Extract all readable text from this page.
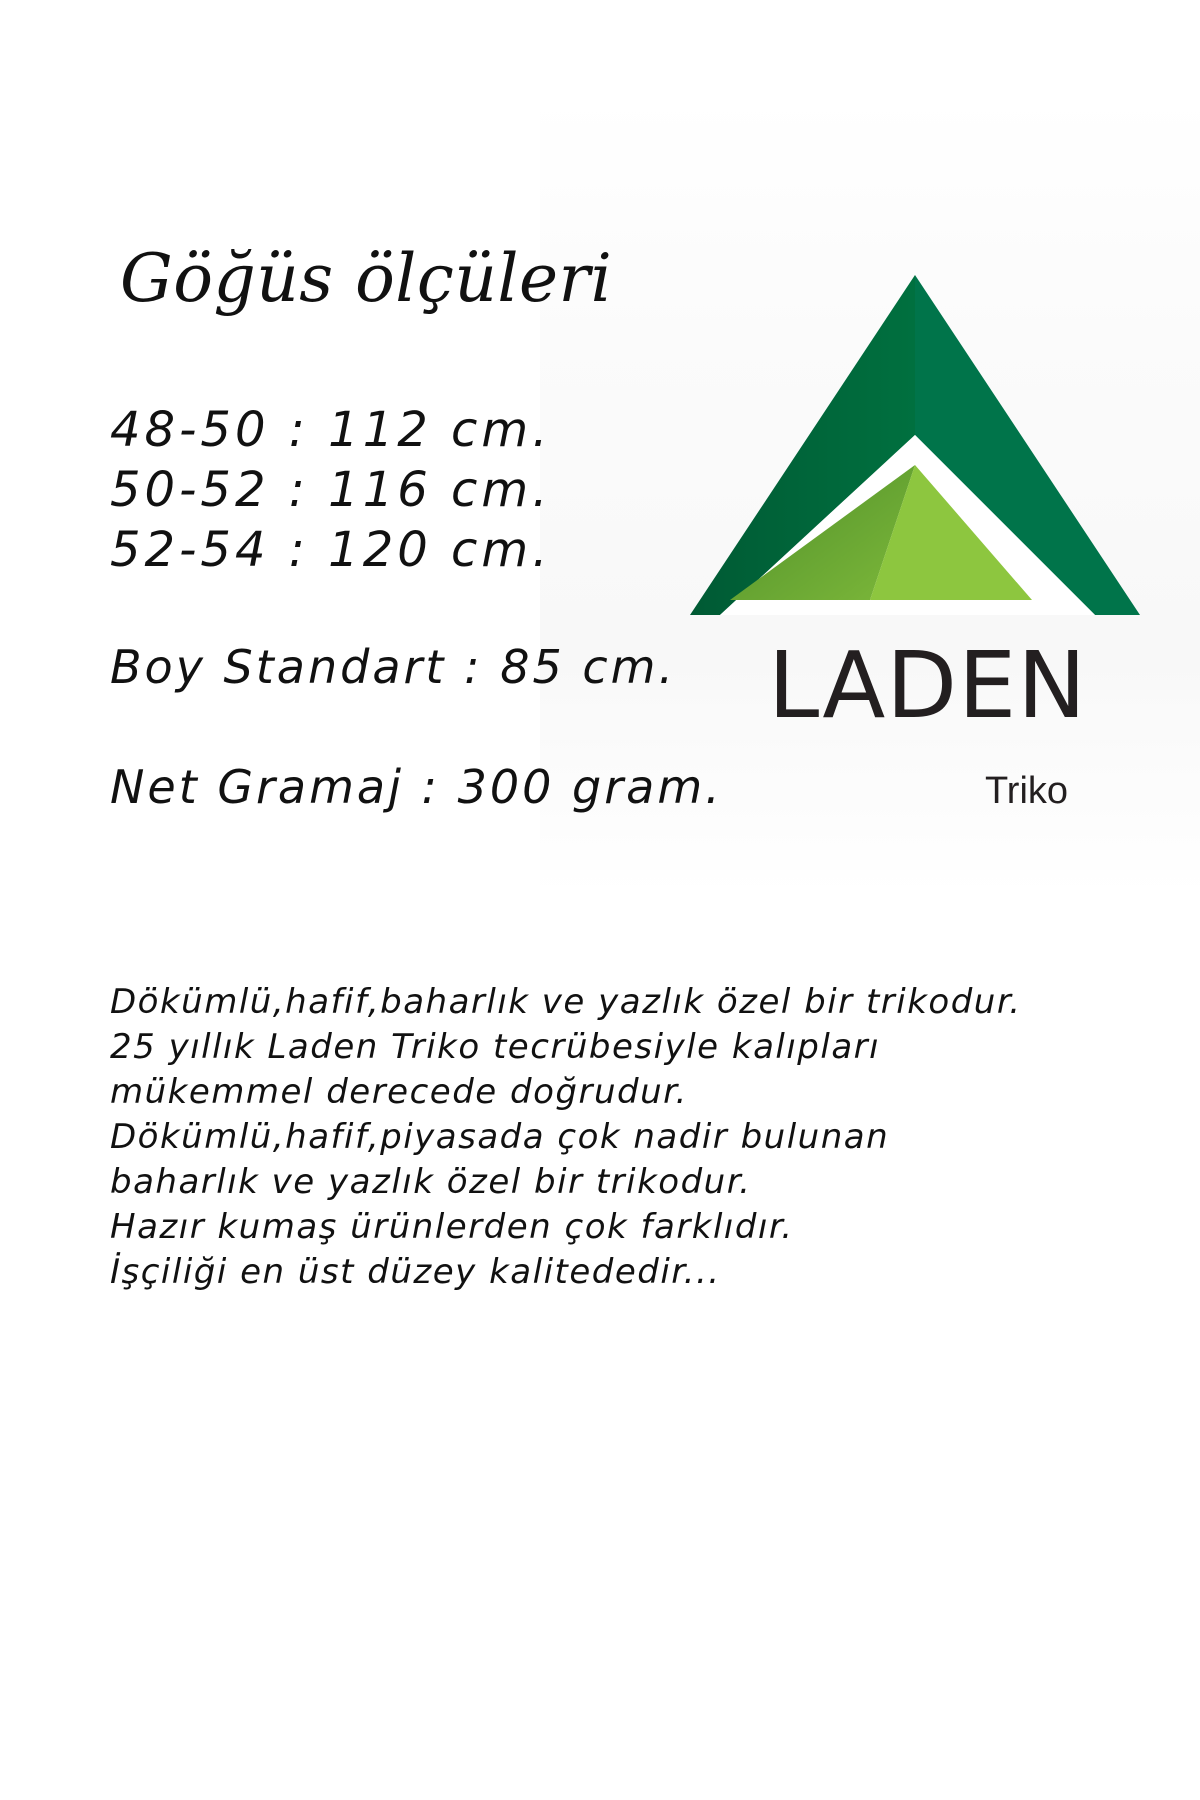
Göğüs ölçüleri
48-50 : 112 cm.
50-52 : 116 cm.
52-54 : 120 cm.
Boy Standart : 85 cm.
Net Gramaj : 300 gram.
LADEN
Triko
Dökümlü,hafif,baharlık ve yazlık özel bir trikodur.
25 yıllık Laden Triko tecrübesiyle kalıpları
mükemmel derecede doğrudur.
Dökümlü,hafif,piyasada çok nadir bulunan
baharlık ve yazlık özel bir trikodur.
Hazır kumaş ürünlerden çok farklıdır.
İşçiliği en üst düzey kalitededir...
